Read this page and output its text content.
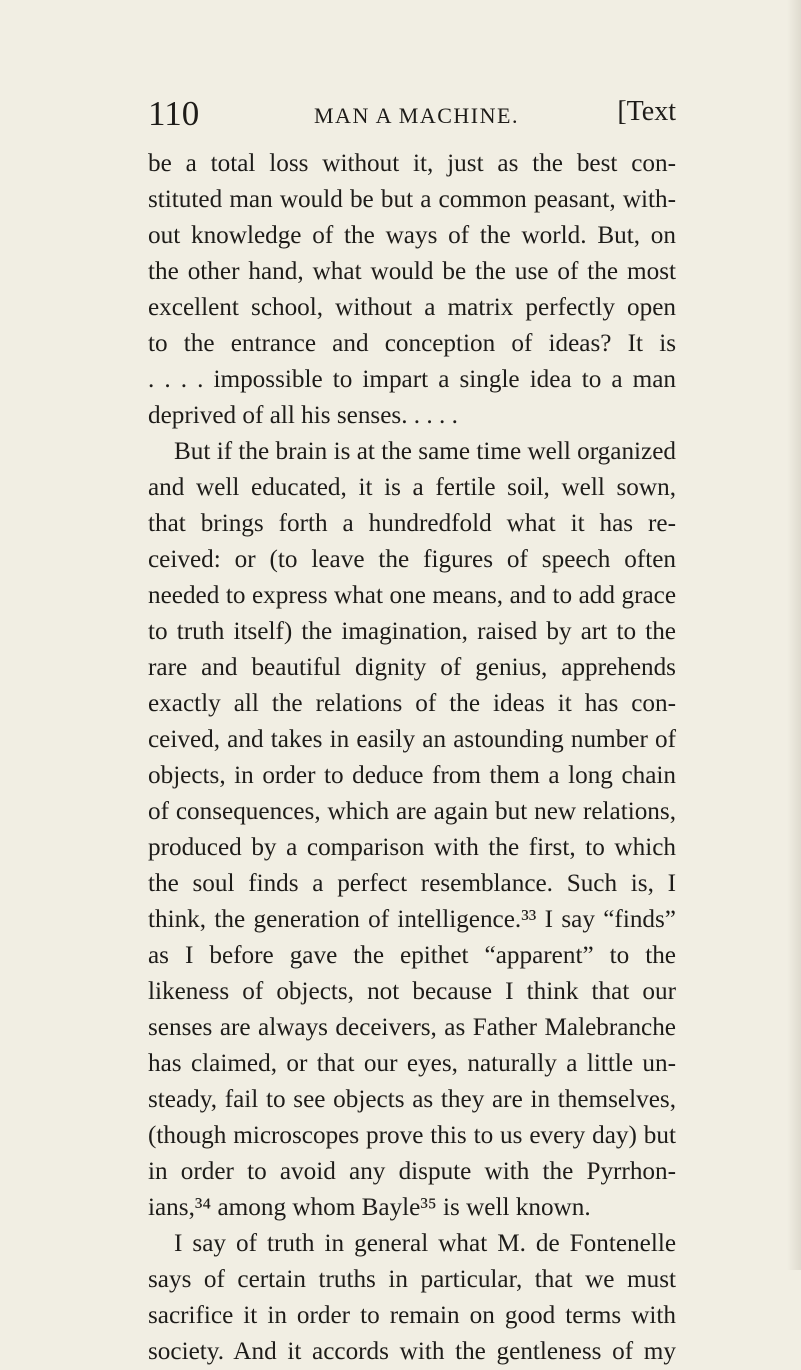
110	MAN A MACHINE.	[Text
be a total loss without it, just as the best con-
stituted man would be but a common peasant, with-
out knowledge of the ways of the world. But, on
the other hand, what would be the use of the most
excellent school, without a matrix perfectly open
to the entrance and conception of ideas? It is
. . . . impossible to impart a single idea to a man
deprived of all his senses. . . . .
But if the brain is at the same time well organized
and well educated, it is a fertile soil, well sown,
that brings forth a hundredfold what it has re-
ceived: or (to leave the figures of speech often
needed to express what one means, and to add grace
to truth itself) the imagination, raised by art to the
rare and beautiful dignity of genius, apprehends
exactly all the relations of the ideas it has con-
ceived, and takes in easily an astounding number of
objects, in order to deduce from them a long chain
of consequences, which are again but new relations,
produced by a comparison with the first, to which
the soul finds a perfect resemblance. Such is, I
think, the generation of intelligence.³³ I say “finds”
as I before gave the epithet “apparent” to the
likeness of objects, not because I think that our
senses are always deceivers, as Father Malebranche
has claimed, or that our eyes, naturally a little un-
steady, fail to see objects as they are in themselves,
(though microscopes prove this to us every day) but
in order to avoid any dispute with the Pyrrhon-
ians,³⁴ among whom Bayle³⁵ is well known.
I say of truth in general what M. de Fontenelle
says of certain truths in particular, that we must
sacrifice it in order to remain on good terms with
society. And it accords with the gentleness of my
